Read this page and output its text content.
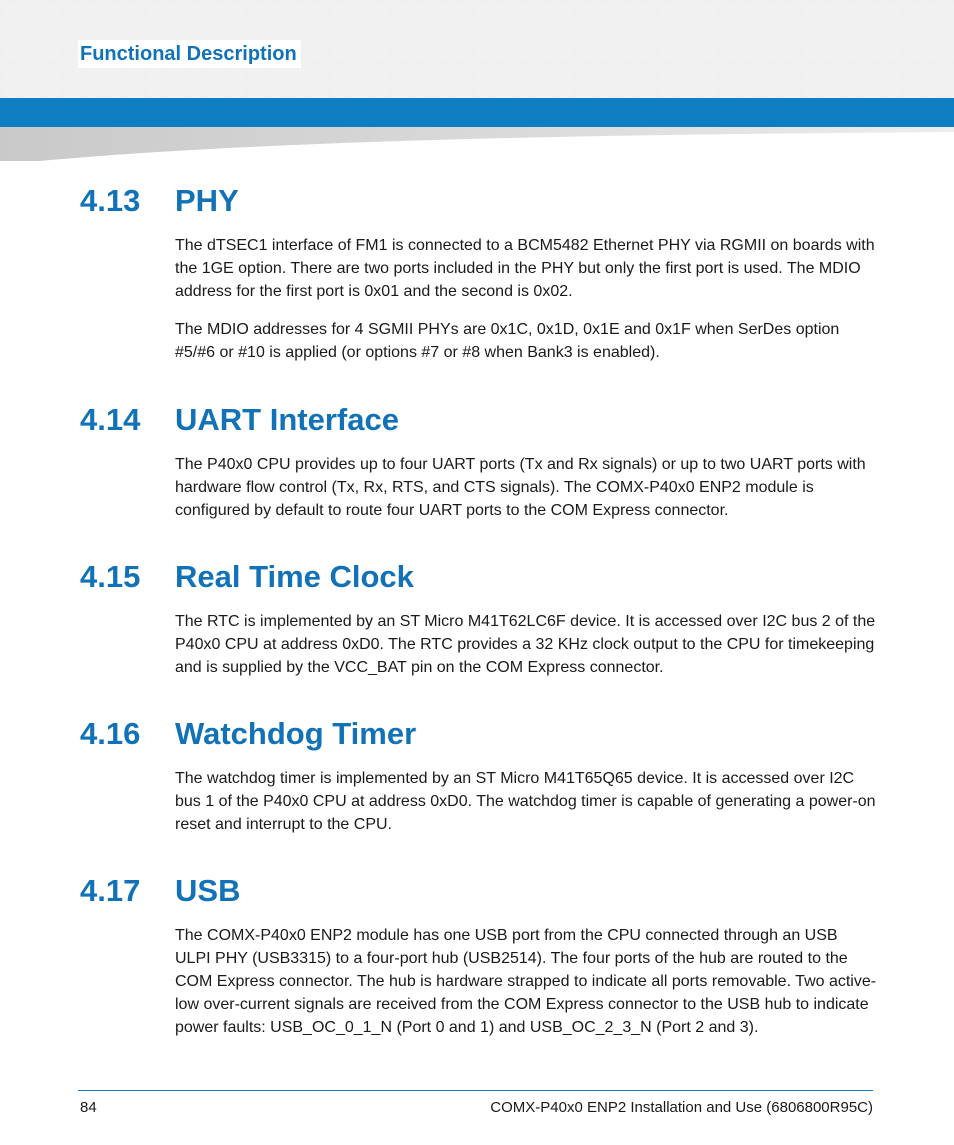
Functional Description
4.13 PHY
The dTSEC1 interface of FM1 is connected to a BCM5482 Ethernet PHY via RGMII on boards with the 1GE option. There are two ports included in the PHY but only the first port is used. The MDIO address for the first port is 0x01 and the second is 0x02.
The MDIO addresses for 4 SGMII PHYs are 0x1C, 0x1D, 0x1E and 0x1F when SerDes option #5/#6 or #10 is applied (or options #7 or #8 when Bank3 is enabled).
4.14 UART Interface
The P40x0 CPU provides up to four UART ports (Tx and Rx signals) or up to two UART ports with hardware flow control (Tx, Rx, RTS, and CTS signals). The COMX-P40x0 ENP2 module is configured by default to route four UART ports to the COM Express connector.
4.15 Real Time Clock
The RTC is implemented by an ST Micro M41T62LC6F device. It is accessed over I2C bus 2 of the P40x0 CPU at address 0xD0. The RTC provides a 32 KHz clock output to the CPU for timekeeping and is supplied by the VCC_BAT pin on the COM Express connector.
4.16 Watchdog Timer
The watchdog timer is implemented by an ST Micro M41T65Q65 device. It is accessed over I2C bus 1 of the P40x0 CPU at address 0xD0. The watchdog timer is capable of generating a power-on reset and interrupt to the CPU.
4.17 USB
The COMX-P40x0 ENP2 module has one USB port from the CPU connected through an USB ULPI PHY (USB3315) to a four-port hub (USB2514). The four ports of the hub are routed to the COM Express connector. The hub is hardware strapped to indicate all ports removable. Two active-low over-current signals are received from the COM Express connector to the USB hub to indicate power faults: USB_OC_0_1_N (Port 0 and 1) and USB_OC_2_3_N (Port 2 and 3).
84	COMX-P40x0 ENP2 Installation and Use (6806800R95C)
